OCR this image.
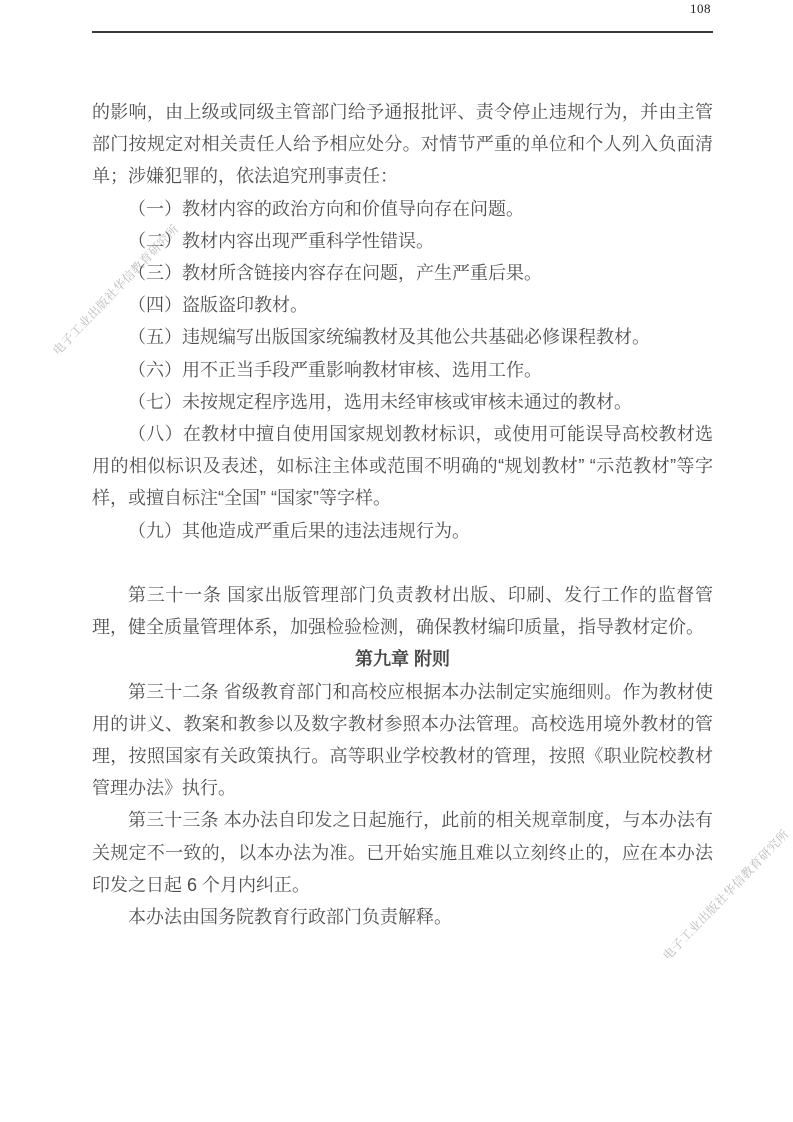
108
电子工业出版社华信教育研究所
电子工业出版社华信教育研究所

的影响，由上级或同级主管部门给予通报批评、责令停止违规行为，并由主管部门按规定对相关责任人给予相应处分。对情节严重的单位和个人列入负面清单；涉嫌犯罪的，依法追究刑事责任：

（一）教材内容的政治方向和价值导向存在问题。

（二）教材内容出现严重科学性错误。

（三）教材所含链接内容存在问题，产生严重后果。

（四）盗版盗印教材。

（五）违规编写出版国家统编教材及其他公共基础必修课程教材。

（六）用不正当手段严重影响教材审核、选用工作。

（七）未按规定程序选用，选用未经审核或审核未通过的教材。

（八）在教材中擅自使用国家规划教材标识，或使用可能误导高校教材选用的相似标识及表述，如标注主体或范围不明确的“规划教材” “示范教材”等字样，或擅自标注“全国” “国家”等字样。

（九）其他造成严重后果的违法违规行为。

第三十一条 国家出版管理部门负责教材出版、印刷、发行工作的监督管理，健全质量管理体系，加强检验检测，确保教材编印质量，指导教材定价。

第九章 附则

第三十二条 省级教育部门和高校应根据本办法制定实施细则。作为教材使用的讲义、教案和教参以及数字教材参照本办法管理。高校选用境外教材的管理，按照国家有关政策执行。高等职业学校教材的管理，按照《职业院校教材管理办法》执行。

第三十三条 本办法自印发之日起施行，此前的相关规章制度，与本办法有关规定不一致的，以本办法为准。已开始实施且难以立刻终止的，应在本办法印发之日起 6 个月内纠正。

本办法由国务院教育行政部门负责解释。
